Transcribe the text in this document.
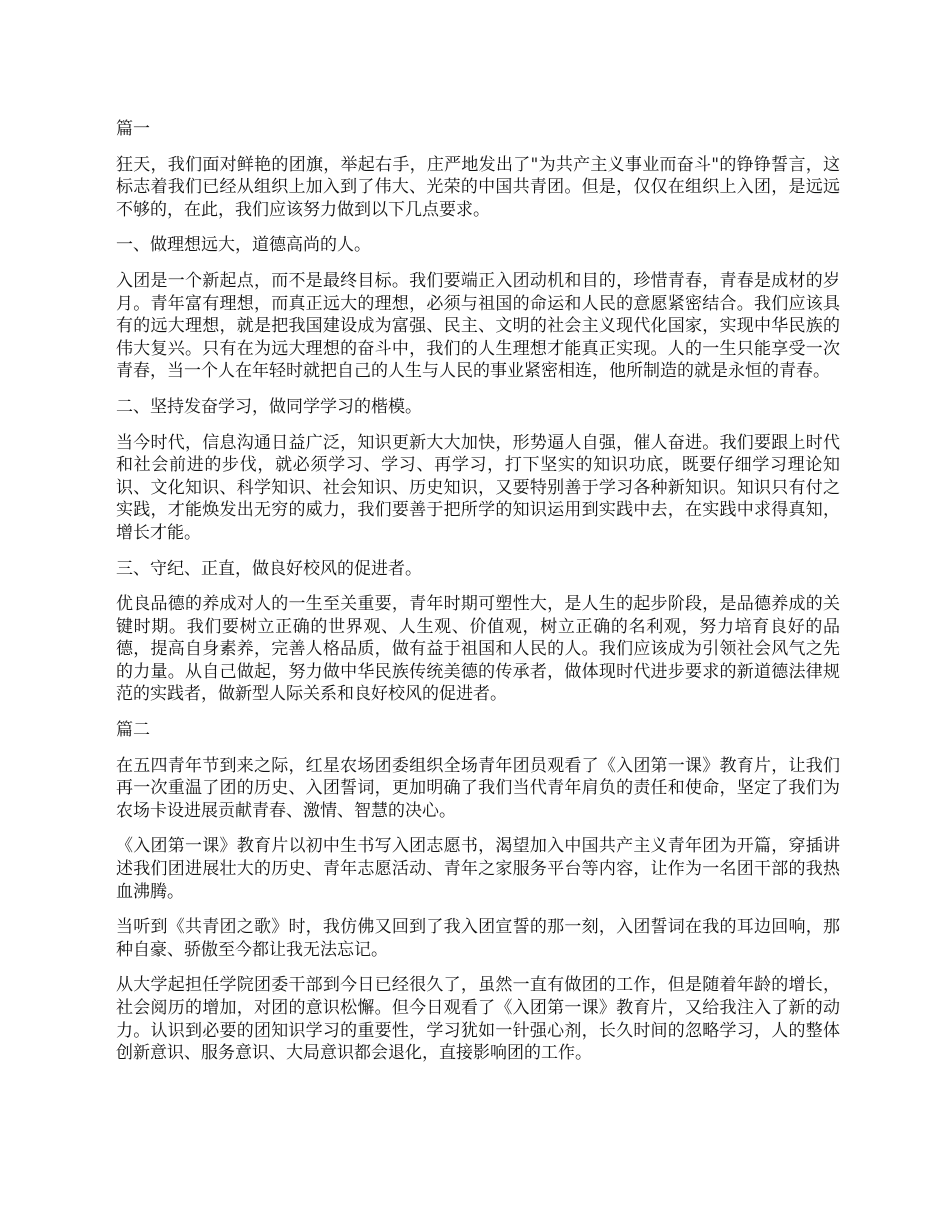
篇一

狂天，我们面对鲜艳的团旗，举起右手，庄严地发出了"为共产主义事业而奋斗"的铮铮誓言，这标志着我们已经从组织上加入到了伟大、光荣的中国共青团。但是，仅仅在组织上入团，是远远不够的，在此，我们应该努力做到以下几点要求。

一、做理想远大，道德高尚的人。

入团是一个新起点，而不是最终目标。我们要端正入团动机和目的，珍惜青春，青春是成材的岁月。青年富有理想，而真正远大的理想，必须与祖国的命运和人民的意愿紧密结合。我们应该具有的远大理想，就是把我国建设成为富强、民主、文明的社会主义现代化国家，实现中华民族的伟大复兴。只有在为远大理想的奋斗中，我们的人生理想才能真正实现。人的一生只能享受一次青春，当一个人在年轻时就把自己的人生与人民的事业紧密相连，他所制造的就是永恒的青春。

二、坚持发奋学习，做同学学习的楷模。

当今时代，信息沟通日益广泛，知识更新大大加快，形势逼人自强，催人奋进。我们要跟上时代和社会前进的步伐，就必须学习、学习、再学习，打下坚实的知识功底，既要仔细学习理论知识、文化知识、科学知识、社会知识、历史知识，又要特别善于学习各种新知识。知识只有付之实践，才能焕发出无穷的威力，我们要善于把所学的知识运用到实践中去，在实践中求得真知，增长才能。

三、守纪、正直，做良好校风的促进者。

优良品德的养成对人的一生至关重要，青年时期可塑性大，是人生的起步阶段，是品德养成的关键时期。我们要树立正确的世界观、人生观、价值观，树立正确的名利观，努力培育良好的品德，提高自身素养，完善人格品质，做有益于祖国和人民的人。我们应该成为引领社会风气之先的力量。从自己做起，努力做中华民族传统美德的传承者，做体现时代进步要求的新道德法律规范的实践者，做新型人际关系和良好校风的促进者。

篇二

在五四青年节到来之际，红星农场团委组织全场青年团员观看了《入团第一课》教育片，让我们再一次重温了团的历史、入团誓词，更加明确了我们当代青年肩负的责任和使命，坚定了我们为农场卡设进展贡献青春、激情、智慧的决心。

《入团第一课》教育片以初中生书写入团志愿书，渴望加入中国共产主义青年团为开篇，穿插讲述我们团进展壮大的历史、青年志愿活动、青年之家服务平台等内容，让作为一名团干部的我热血沸腾。

当听到《共青团之歌》时，我仿佛又回到了我入团宣誓的那一刻，入团誓词在我的耳边回响，那种自豪、骄傲至今都让我无法忘记。

从大学起担任学院团委干部到今日已经很久了，虽然一直有做团的工作，但是随着年龄的增长，社会阅历的增加，对团的意识松懈。但今日观看了《入团第一课》教育片，又给我注入了新的动力。认识到必要的团知识学习的重要性，学习犹如一针强心剂，长久时间的忽略学习，人的整体创新意识、服务意识、大局意识都会退化，直接影响团的工作。
